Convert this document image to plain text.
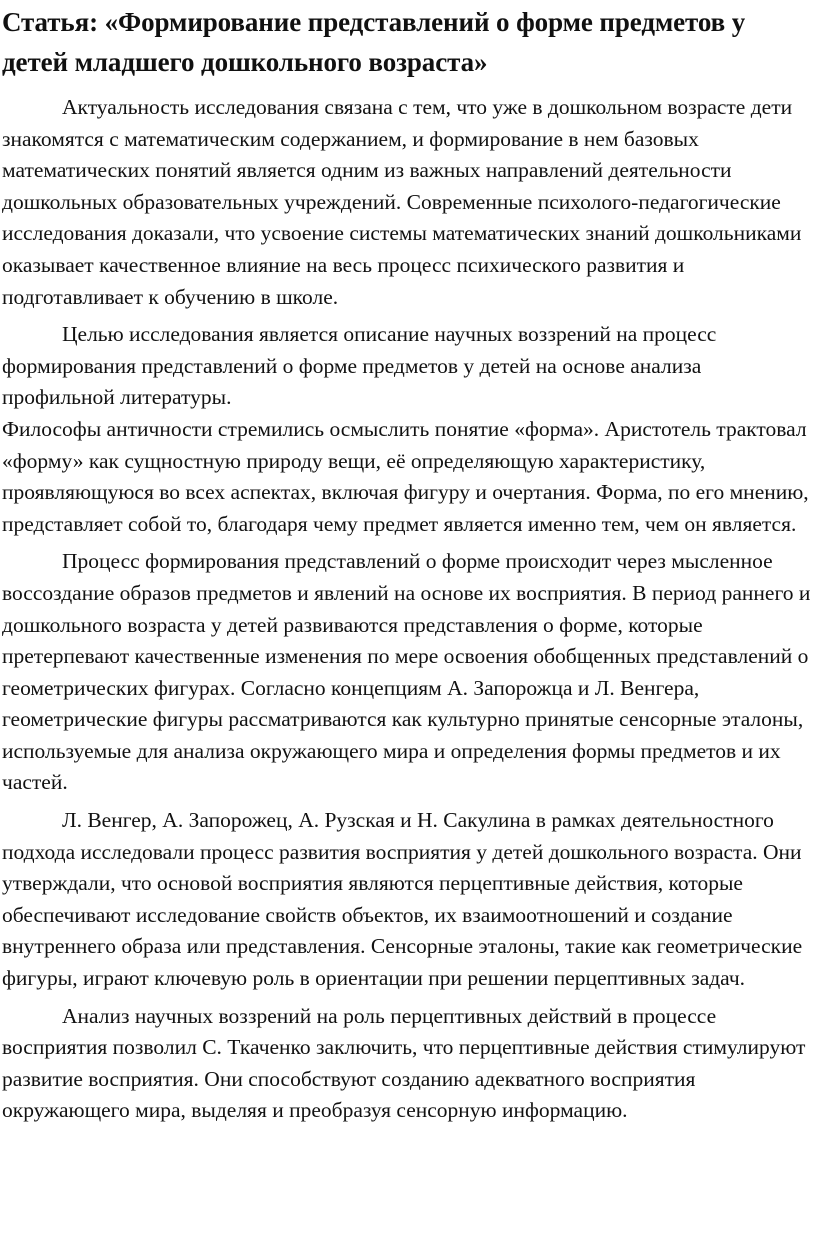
Статья: «Формирование представлений о форме предметов у детей младшего дошкольного возраста»

Актуальность исследования связана с тем, что уже в дошкольном возрасте дети знакомятся с математическим содержанием, и формирование в нем базовых математических понятий является одним из важных направлений деятельности дошкольных образовательных учреждений. Современные психолого-педагогические исследования доказали, что усвоение системы математических знаний дошкольниками оказывает качественное влияние на весь процесс психического развития и подготавливает к обучению в школе.

Целью исследования является описание научных воззрений на процесс формирования представлений о форме предметов у детей на основе анализа профильной литературы.

Философы античности стремились осмыслить понятие «форма». Аристотель трактовал «форму» как сущностную природу вещи, её определяющую характеристику, проявляющуюся во всех аспектах, включая фигуру и очертания. Форма, по его мнению, представляет собой то, благодаря чему предмет является именно тем, чем он является.

Процесс формирования представлений о форме происходит через мысленное воссоздание образов предметов и явлений на основе их восприятия. В период раннего и дошкольного возраста у детей развиваются представления о форме, которые претерпевают качественные изменения по мере освоения обобщенных представлений о геометрических фигурах. Согласно концепциям А. Запорожца и Л. Венгера, геометрические фигуры рассматриваются как культурно принятые сенсорные эталоны, используемые для анализа окружающего мира и определения формы предметов и их частей.

Л. Венгер, А. Запорожец, А. Рузская и Н. Сакулина в рамках деятельностного подхода исследовали процесс развития восприятия у детей дошкольного возраста. Они утверждали, что основой восприятия являются перцептивные действия, которые обеспечивают исследование свойств объектов, их взаимоотношений и создание внутреннего образа или представления. Сенсорные эталоны, такие как геометрические фигуры, играют ключевую роль в ориентации при решении перцептивных задач.

Анализ научных воззрений на роль перцептивных действий в процессе восприятия позволил С. Ткаченко заключить, что перцептивные действия стимулируют развитие восприятия. Они способствуют созданию адекватного восприятия окружающего мира, выделяя и преобразуя сенсорную информацию.
